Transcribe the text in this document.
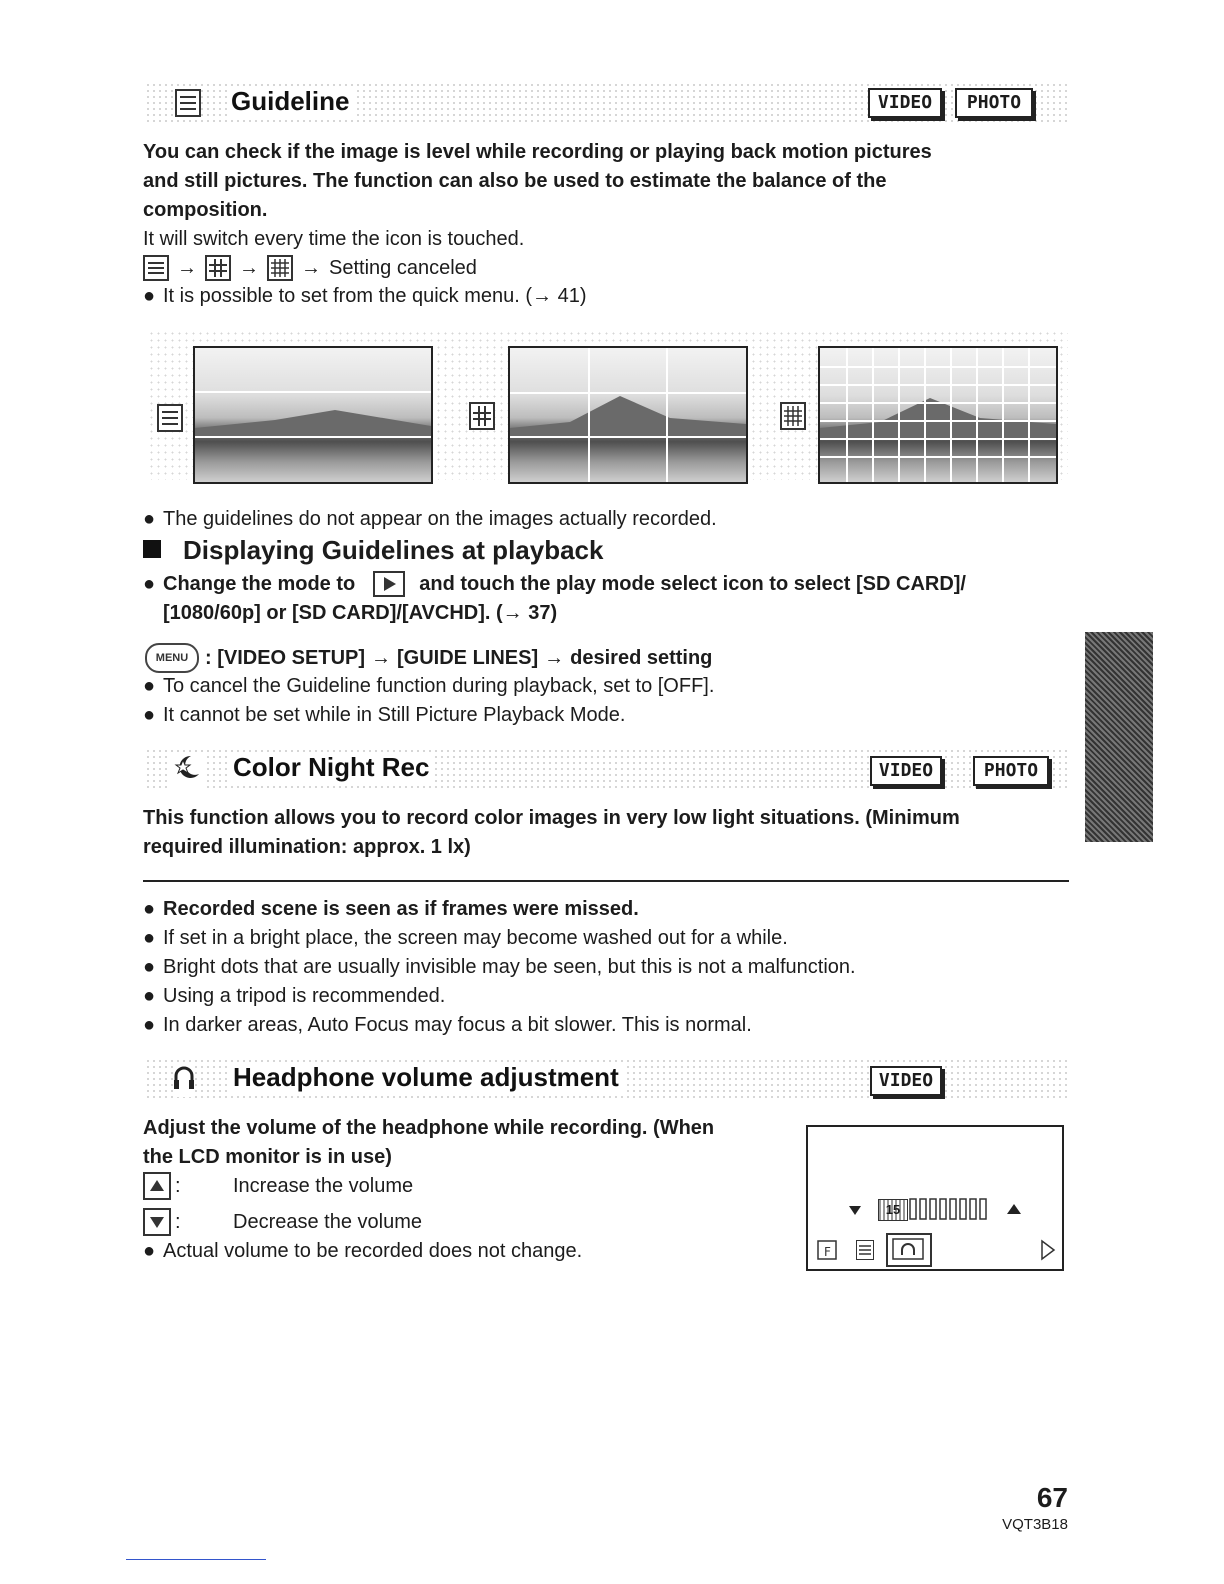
Guideline	VIDEO	PHOTO
You can check if the image is level while recording or playing back motion pictures
and still pictures. The function can also be used to estimate the balance of the
composition.
It will switch every time the icon is touched.
→ → → Setting canceled
● It is possible to set from the quick menu. (→ 41)
● The guidelines do not appear on the images actually recorded.
Displaying Guidelines at playback
● Change the mode to	and touch the play mode select icon to select [SD CARD]/
[1080/60p] or [SD CARD]/[AVCHD]. (→ 37)
MENU : [VIDEO SETUP] → [GUIDE LINES] → desired setting
● To cancel the Guideline function during playback, set to [OFF].
● It cannot be set while in Still Picture Playback Mode.
Color Night Rec	VIDEO	PHOTO
This function allows you to record color images in very low light situations. (Minimum
required illumination: approx. 1 lx)
● Recorded scene is seen as if frames were missed.
● If set in a bright place, the screen may become washed out for a while.
● Bright dots that are usually invisible may be seen, but this is not a malfunction.
● Using a tripod is recommended.
● In darker areas, Auto Focus may focus a bit slower. This is normal.
Headphone volume adjustment	VIDEO
Adjust the volume of the headphone while recording. (When
the LCD monitor is in use)
:	Increase the volume
:	Decrease the volume
● Actual volume to be recorded does not change.
15
F
67
VQT3B18
